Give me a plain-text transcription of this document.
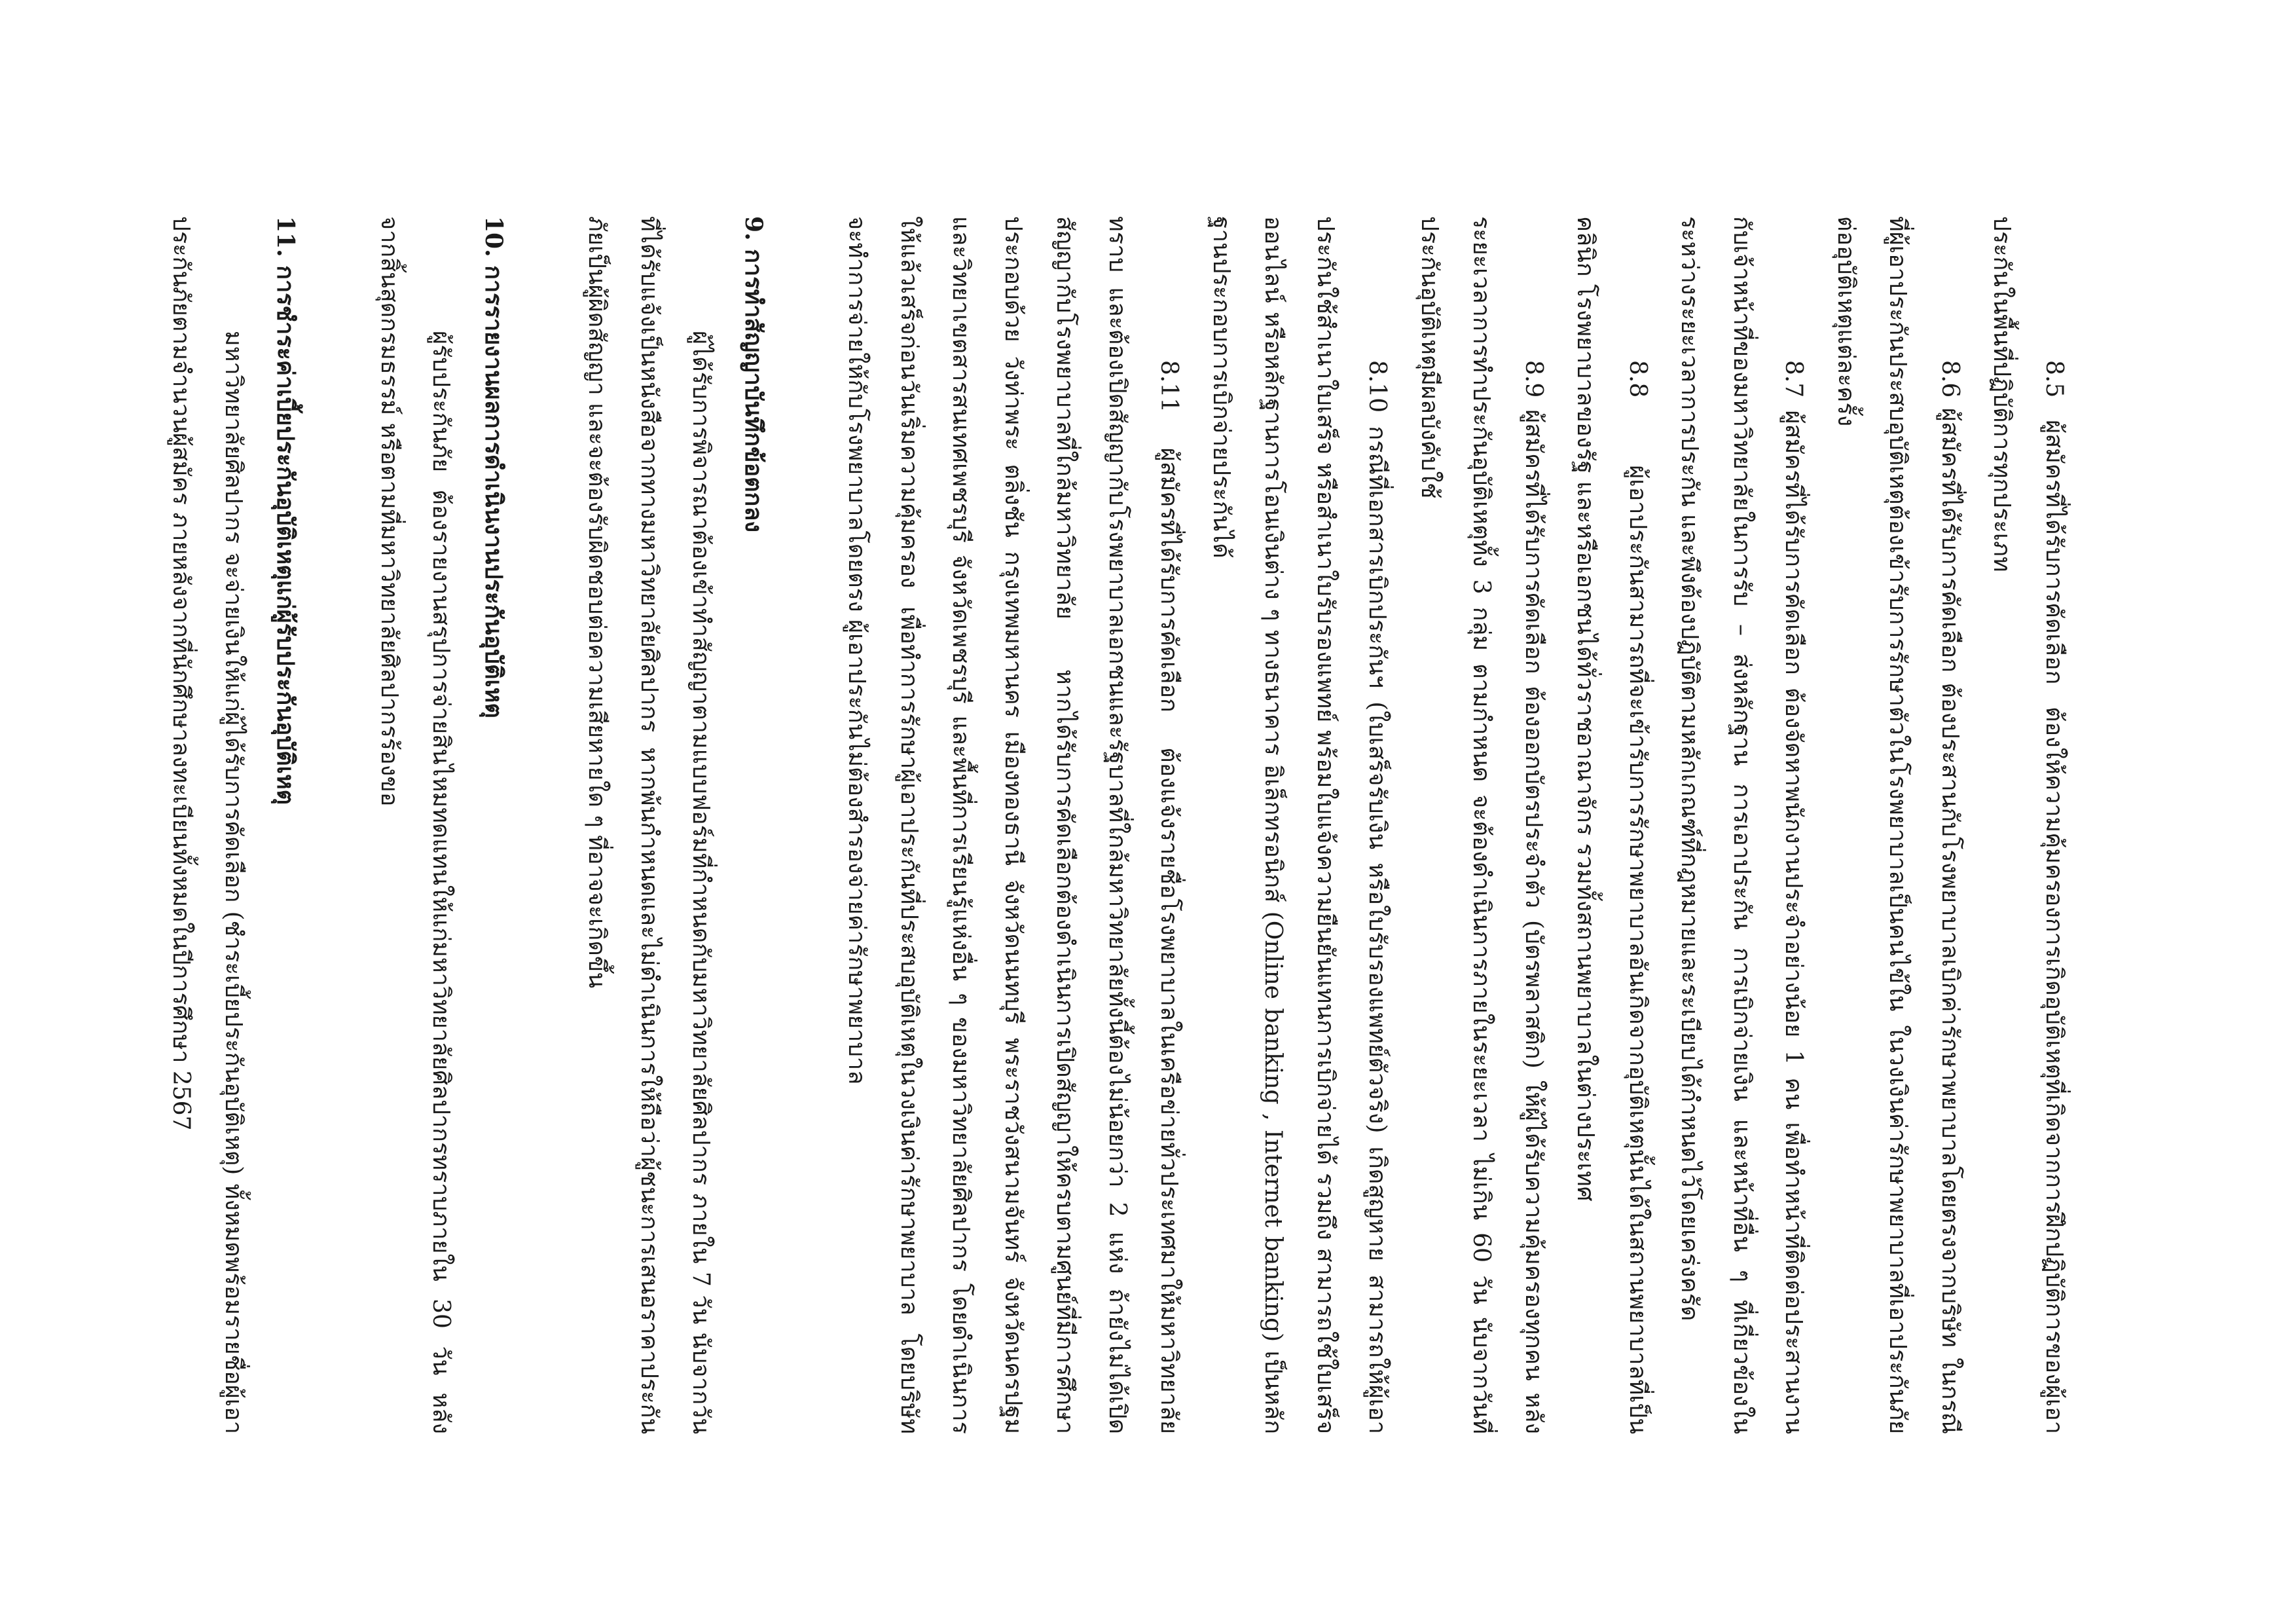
8.5 ผู้สมัครที่ได้รับการคัดเลือก ต้องให้ความคุ้มครองการเกิดอุบัติเหตุที่เกิดจากการฝึกปฏิบัติการของผู้เอาประกันในพื้นที่ปฏิบัติการทุกประเภท

8.6 ผู้สมัครที่ได้รับการคัดเลือก ต้องประสานกับโรงพยาบาลเบิกค่ารักษาพยาบาลโดยตรงจากบริษัท ในกรณีที่ผู้เอาประกันประสบอุบัติเหตุต้องเข้ารับการรักษาตัวในโรงพยาบาลเป็นคนไข้ใน ในวงเงินค่ารักษาพยาบาลที่เอาประกันภัยต่ออุบัติเหตุแต่ละครั้ง

8.7 ผู้สมัครที่ได้รับการคัดเลือก ต้องจัดหาพนักงานประจำอย่างน้อย 1 คน เพื่อทำหน้าที่ติดต่อประสานงานกับเจ้าหน้าที่ของมหาวิทยาลัยในการรับ – ส่งหลักฐาน การเอาประกัน การเบิกจ่ายเงิน และหน้าที่อื่น ๆ ที่เกี่ยวข้องในระหว่างระยะเวลาการประกัน และพึงต้องปฏิบัติตามหลักเกณฑ์ที่กฎหมายและระเบียบได้กำหนดไว้โดยเคร่งครัด

8.8 ผู้เอาประกันสามารถที่จะเข้ารับการรักษาพยาบาลอันเกิดจากอุบัติเหตุนั้นได้ในสถานพยาบาลที่เป็นคลินิก โรงพยาบาลของรัฐ และหรือเอกชนได้ทั่วราชอาณาจักร รวมทั้งสถานพยาบาลในต่างประเทศ

8.9 ผู้สมัครที่ได้รับการคัดเลือก ต้องออกบัตรประจำตัว (บัตรพลาสติก) ให้ผู้ได้รับความคุ้มครองทุกคน หลังระยะเวลาการทำประกันอุบัติเหตุทั้ง 3 กลุ่ม ตามกำหนด จะต้องดำเนินการภายในระยะเวลา ไม่เกิน 60 วัน นับจากวันที่ประกันอุบัติเหตุมีผลบังคับใช้

8.10 กรณีที่เอกสารเบิกประกันฯ (ใบเสร็จรับเงิน หรือใบรับรองแพทย์ตัวจริง) เกิดสูญหาย สามารถให้ผู้เอาประกันใช้สำเนาใบเสร็จ หรือสำเนาใบรับรองแพทย์ พร้อมใบแจ้งความยืนยันแทนการเบิกจ่ายได้ รวมถึง สามารถใช้ใบเสร็จออนไลน์ หรือหลักฐานการโอนเงินต่าง ๆ ทางธนาคาร อิเล็กทรอนิกส์ (Online banking , Internet banking) เป็นหลักฐานประกอบการเบิกจ่ายประกันได้

8.11 ผู้สมัครที่ได้รับการคัดเลือก ต้องแจ้งรายชื่อโรงพยาบาลในเครือข่ายทั่วประเทศมาให้มหาวิทยาลัยทราบ และต้องเปิดสัญญากับโรงพยาบาลเอกชนและรัฐบาลที่ใกล้มหาวิทยาลัยทั้งนี้ต้องไม่น้อยกว่า 2 แห่ง ถ้ายังไม่ได้เปิดสัญญากับโรงพยาบาลที่ใกล้มหาวิทยาลัย หากได้รับการคัดเลือกต้องดำเนินการเปิดสัญญาให้ครบตามศูนย์ที่มีการศึกษาประกอบด้วย วังท่าพระ ตลิ่งชัน กรุงเทพมหานคร เมืองทองธานี จังหวัดนนทบุรี พระราชวังสนามจันทร์ จังหวัดนครปฐม และวิทยาเขตสารสนเทศเพชรบุรี จังหวัดเพชรบุรี และพื้นที่การเรียนรู้แห่งอื่น ๆ ของมหาวิทยาลัยศิลปากร โดยดำเนินการให้แล้วเสร็จก่อนวันเริ่มความคุ้มครอง เพื่อทำการรักษาผู้เอาประกันที่ประสบอุบัติเหตุในวงเงินค่ารักษาพยาบาล โดยบริษัทจะทำการจ่ายให้กับโรงพยาบาลโดยตรง ผู้เอาประกันไม่ต้องสำรองจ่ายค่ารักษาพยาบาล

9. การทำสัญญาบันทึกข้อตกลง

ผู้ได้รับการพิจารณาต้องเข้าทำสัญญาตามแบบฟอร์มที่กำหนดกับมหาวิทยาลัยศิลปากร ภายใน 7 วัน นับจากวันที่ได้รับแจ้งเป็นหนังสือจากทางมหาวิทยาลัยศิลปากร หากพ้นกำหนดและไม่ดำเนินการให้ถือว่าผู้ชนะการเสนอราคาประกันภัยเป็นผู้ผิดสัญญา และจะต้องรับผิดชอบต่อความเสียหายใด ๆ ที่อาจจะเกิดขึ้น

10. การรายงานผลการดำเนินงานประกันอุบัติเหตุ

ผู้รับประกันภัย ต้องรายงานสรุปการจ่ายสินไหมทดแทนให้แก่มหาวิทยาลัยศิลปากรทราบภายใน 30 วัน หลังจากสิ้นสุดกรมธรรม์ หรือตามที่มหาวิทยาลัยศิลปากรร้องขอ

11. การชำระค่าเบี้ยประกันอุบัติเหตุแก่ผู้รับประกันอุบัติเหตุ

มหาวิทยาลัยศิลปากร จะจ่ายเงินให้แก่ผู้ได้รับการคัดเลือก (ชำระเบี้ยประกันอุบัติเหตุ) ทั้งหมดพร้อมรายชื่อผู้เอาประกันภัยตามจำนวนผู้สมัคร ภายหลังจากที่นักศึกษาลงทะเบียนทั้งหมดในปีการศึกษา 2567
